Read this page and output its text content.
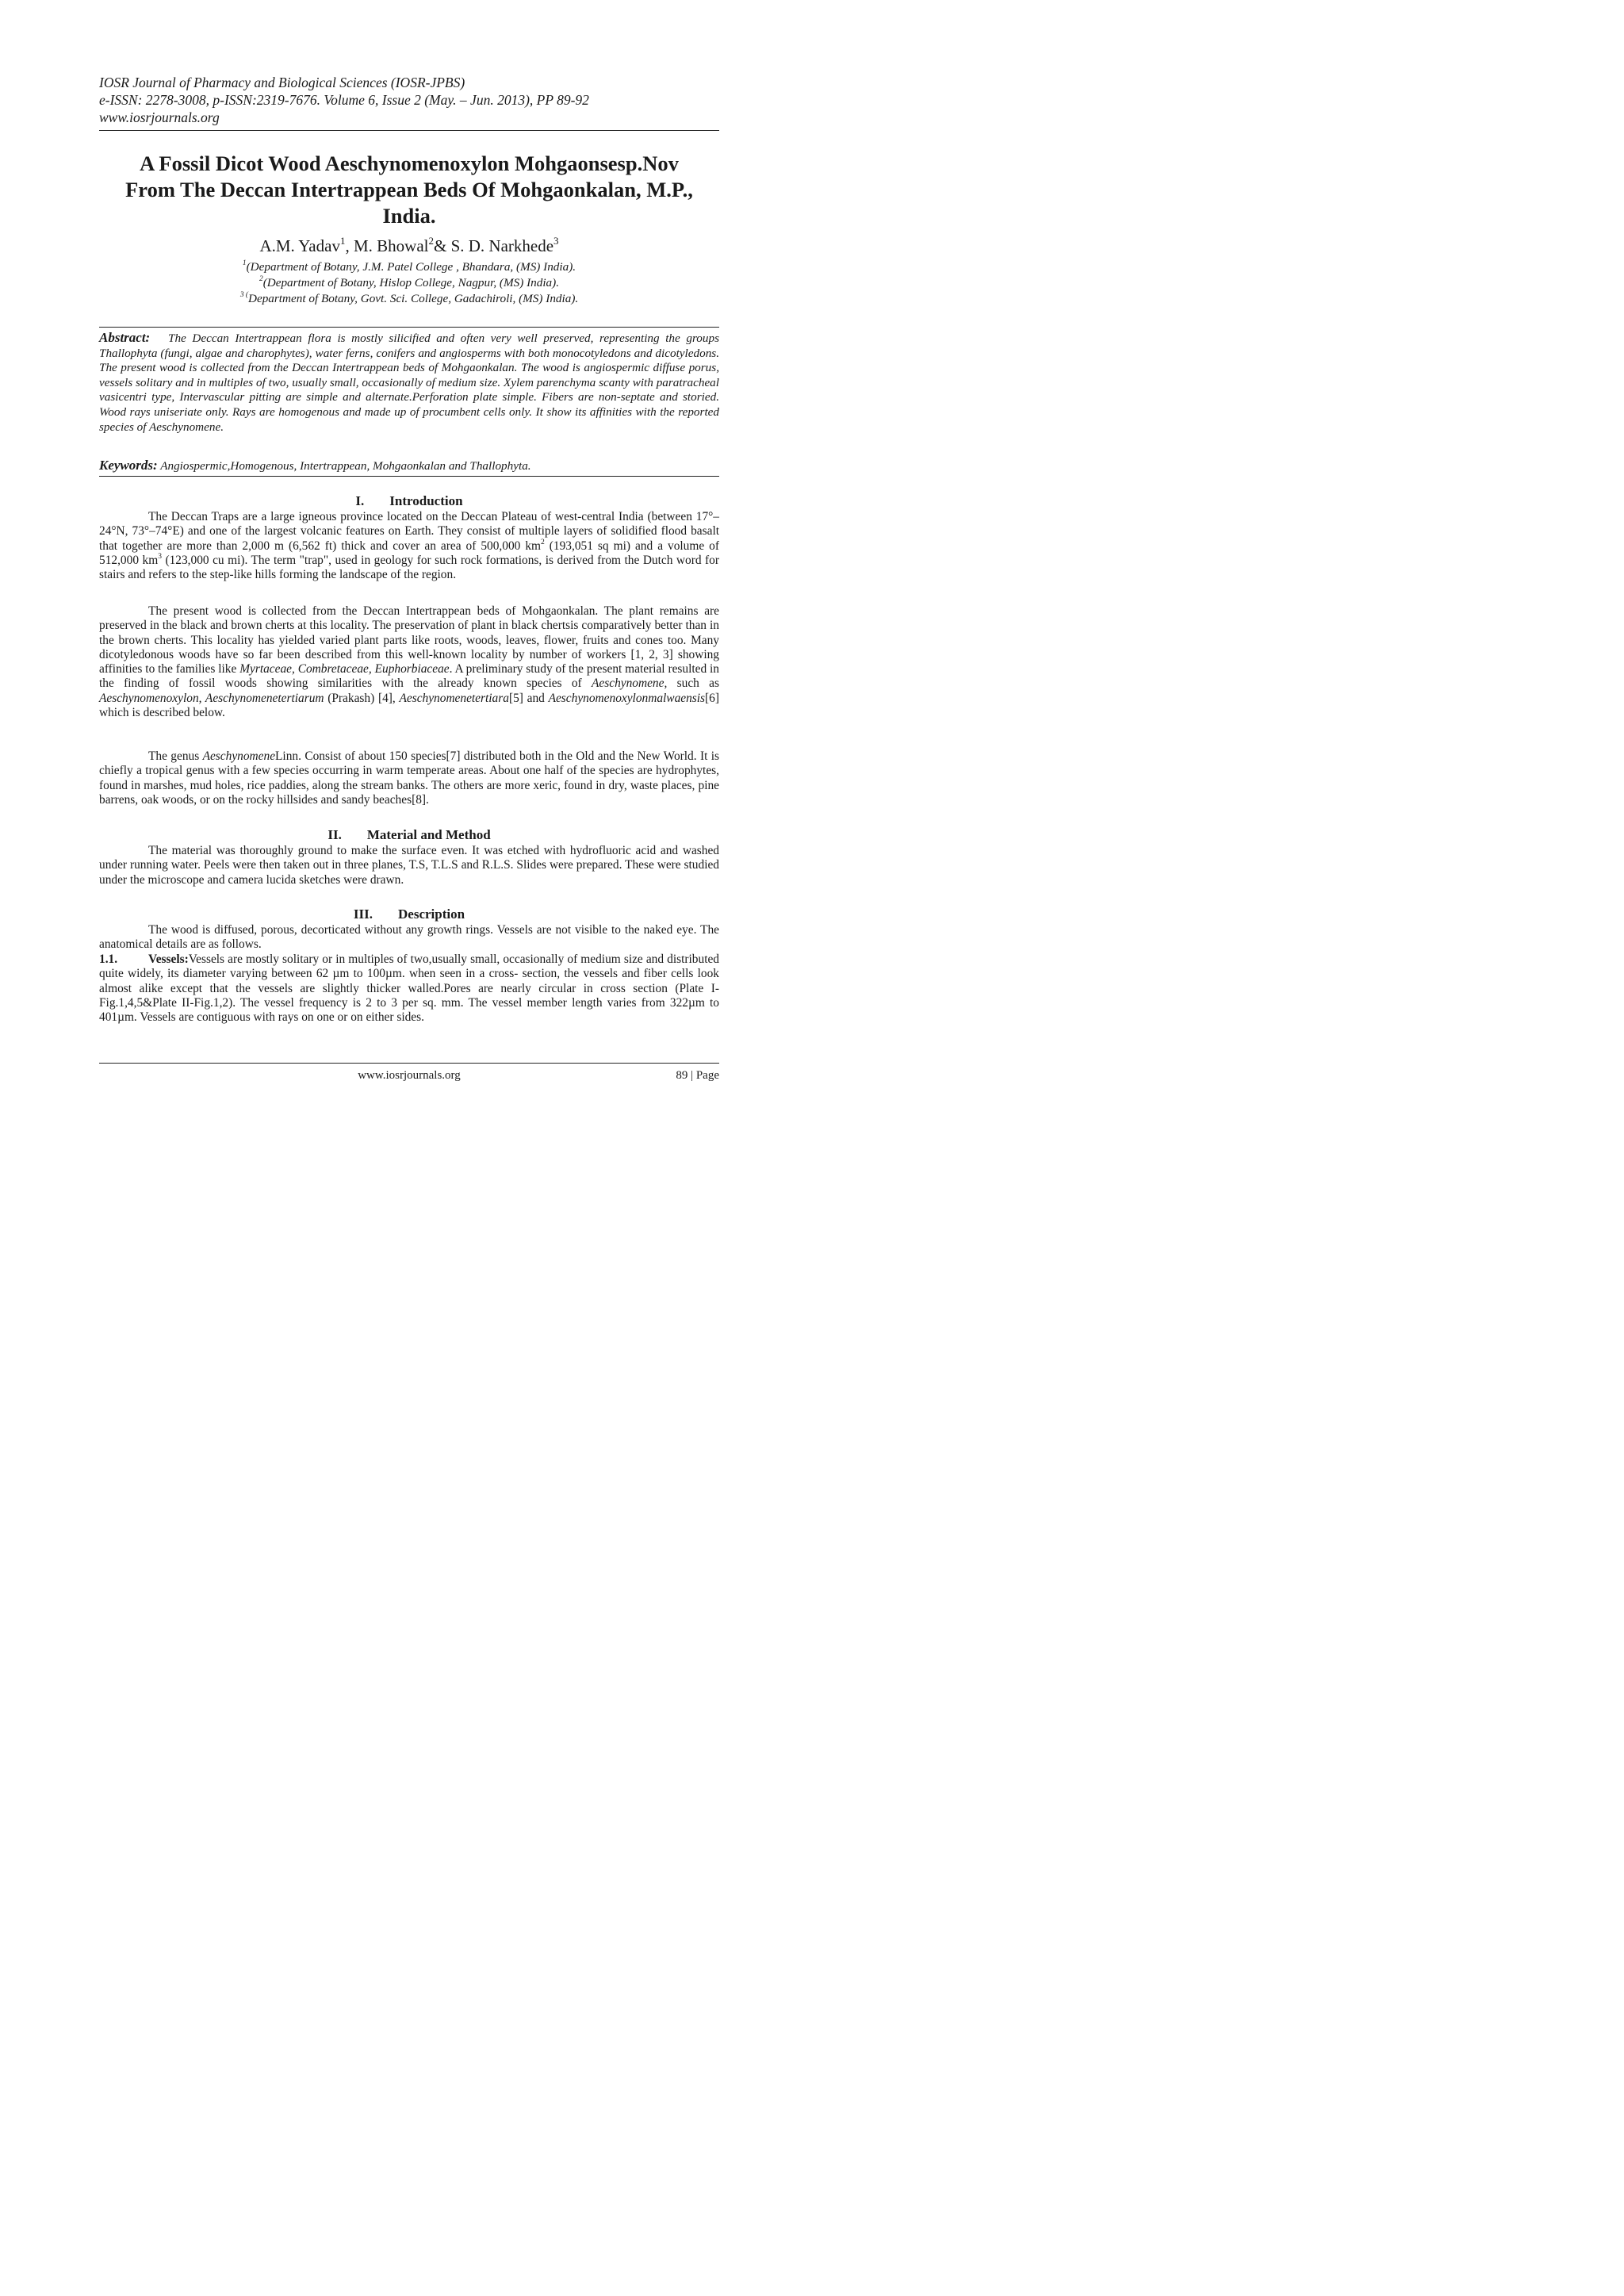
IOSR Journal of Pharmacy and Biological Sciences (IOSR-JPBS)
e-ISSN: 2278-3008, p-ISSN:2319-7676. Volume 6, Issue 2 (May. – Jun. 2013), PP 89-92
www.iosrjournals.org
A Fossil Dicot Wood Aeschynomenoxylon Mohgaonsesp.Nov
From The Deccan Intertrappean Beds Of Mohgaonkalan, M.P.,
India.
A.M. Yadav$^1$, M. Bhowal$^2$& S. D. Narkhede$^3$
$^1$(Department of Botany, J.M. Patel College , Bhandara, (MS) India).
$^2$(Department of Botany, Hislop College, Nagpur, (MS) India).
$^{3 (}$Department of Botany, Govt. Sci. College, Gadachiroli, (MS) India).
Abstract: The Deccan Intertrappean flora is mostly silicified and often very well preserved, representing the groups Thallophyta (fungi, algae and charophytes), water ferns, conifers and angiosperms with both monocotyledons and dicotyledons. The present wood is collected from the Deccan Intertrappean beds of Mohgaonkalan. The wood is angiospermic diffuse porus, vessels solitary and in multiples of two, usually small, occasionally of medium size. Xylem parenchyma scanty with paratracheal vasicentri type, Intervascular pitting are simple and alternate.Perforation plate simple. Fibers are non-septate and storied. Wood rays uniseriate only. Rays are homogenous and made up of procumbent cells only. It show its affinities with the reported species of Aeschynomene.
Keywords: Angiospermic,Homogenous, Intertrappean, Mohgaonkalan and Thallophyta.
I. Introduction
The Deccan Traps are a large igneous province located on the Deccan Plateau of west-central India (between 17°–24°N, 73°–74°E) and one of the largest volcanic features on Earth. They consist of multiple layers of solidified flood basalt that together are more than 2,000 m (6,562 ft) thick and cover an area of 500,000 $km^2$ (193,051 sq mi) and a volume of 512,000 $km^3$ (123,000 cu mi). The term "trap", used in geology for such rock formations, is derived from the Dutch word for stairs and refers to the step-like hills forming the landscape of the region.
The present wood is collected from the Deccan Intertrappean beds of Mohgaonkalan. The plant remains are preserved in the black and brown cherts at this locality. The preservation of plant in black chertsis comparatively better than in the brown cherts. This locality has yielded varied plant parts like roots, woods, leaves, flower, fruits and cones too. Many dicotyledonous woods have so far been described from this well-known locality by number of workers [1, 2, 3] showing affinities to the families like Myrtaceae, Combretaceae, Euphorbiaceae. A preliminary study of the present material resulted in the finding of fossil woods showing similarities with the already known species of Aeschynomene, such as Aeschynomenoxylon, Aeschynomenetertiarum (Prakash) [4], Aeschynomenetertiara[5] and Aeschynomenoxylonmalwaensis[6] which is described below.
The genus AeschynomeneLinn. Consist of about 150 species[7] distributed both in the Old and the New World. It is chiefly a tropical genus with a few species occurring in warm temperate areas. About one half of the species are hydrophytes, found in marshes, mud holes, rice paddies, along the stream banks. The others are more xeric, found in dry, waste places, pine barrens, oak woods, or on the rocky hillsides and sandy beaches[8].
II. Material and Method
The material was thoroughly ground to make the surface even. It was etched with hydrofluoric acid and washed under running water. Peels were then taken out in three planes, T.S, T.L.S and R.L.S. Slides were prepared. These were studied under the microscope and camera lucida sketches were drawn.
III. Description
The wood is diffused, porous, decorticated without any growth rings. Vessels are not visible to the naked eye. The anatomical details are as follows.
1.1.	Vessels:Vessels are mostly solitary or in multiples of two,usually small, occasionally of medium size and distributed quite widely, its diameter varying between 62 µm to 100µm. when seen in a cross- section, the vessels and fiber cells look almost alike except that the vessels are slightly thicker walled.Pores are nearly circular in cross section (Plate I- Fig.1,4,5&Plate II-Fig.1,2). The vessel frequency is 2 to 3 per sq. mm. The vessel member length varies from 322µm to 401µm. Vessels are contiguous with rays on one or on either sides.
www.iosrjournals.org	89 | Page
